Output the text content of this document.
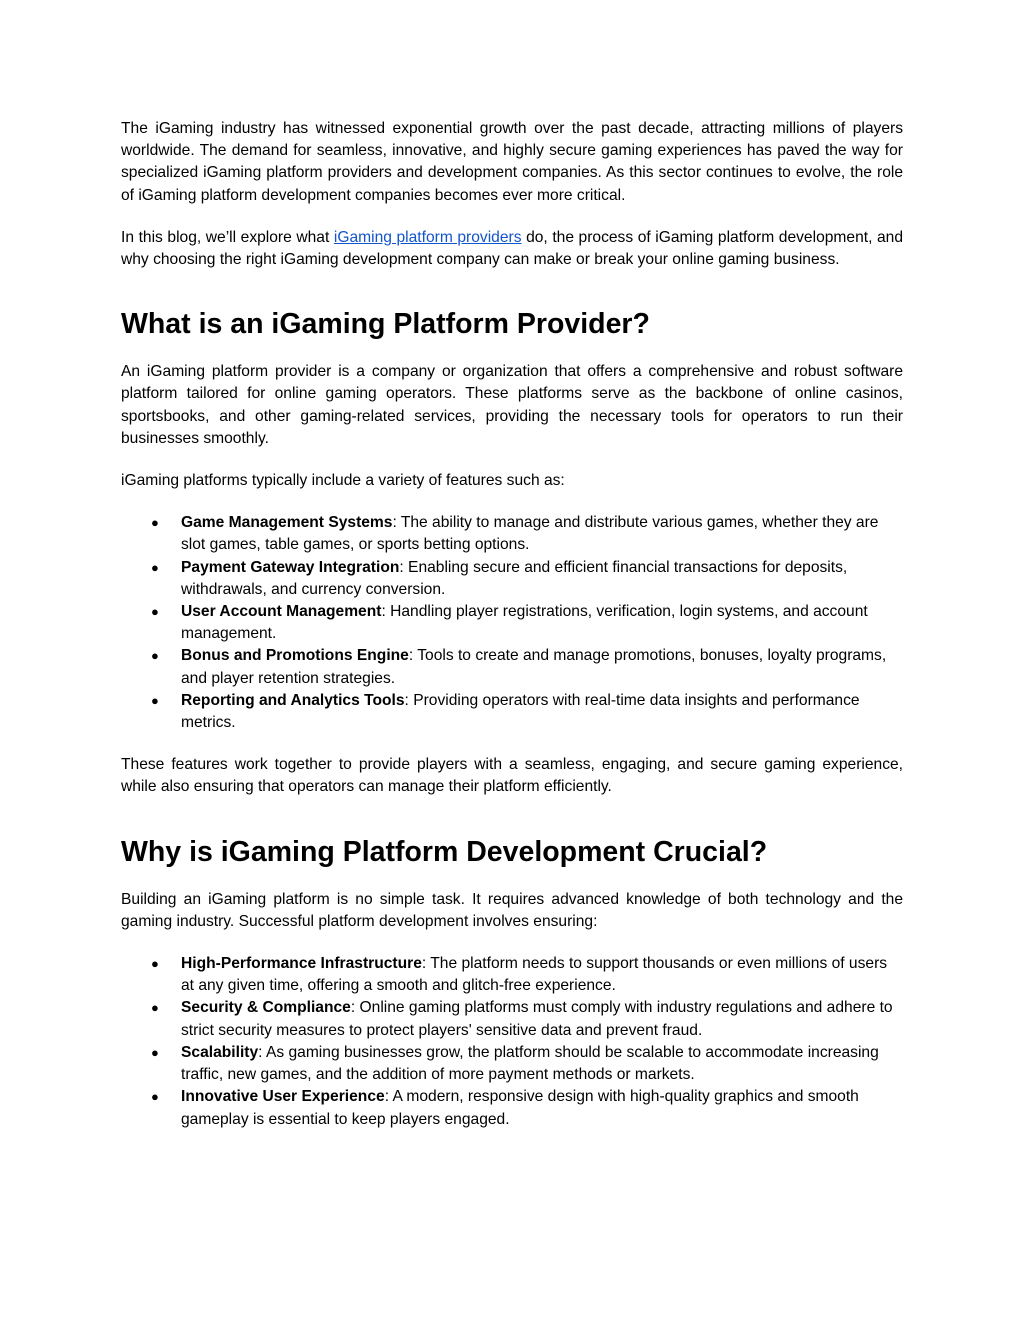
The iGaming industry has witnessed exponential growth over the past decade, attracting millions of players worldwide. The demand for seamless, innovative, and highly secure gaming experiences has paved the way for specialized iGaming platform providers and development companies. As this sector continues to evolve, the role of iGaming platform development companies becomes ever more critical.

In this blog, we’ll explore what iGaming platform providers do, the process of iGaming platform development, and why choosing the right iGaming development company can make or break your online gaming business.

What is an iGaming Platform Provider?

An iGaming platform provider is a company or organization that offers a comprehensive and robust software platform tailored for online gaming operators. These platforms serve as the backbone of online casinos, sportsbooks, and other gaming-related services, providing the necessary tools for operators to run their businesses smoothly.

iGaming platforms typically include a variety of features such as:

● Game Management Systems: The ability to manage and distribute various games, whether they are slot games, table games, or sports betting options.
● Payment Gateway Integration: Enabling secure and efficient financial transactions for deposits, withdrawals, and currency conversion.
● User Account Management: Handling player registrations, verification, login systems, and account management.
● Bonus and Promotions Engine: Tools to create and manage promotions, bonuses, loyalty programs, and player retention strategies.
● Reporting and Analytics Tools: Providing operators with real-time data insights and performance metrics.

These features work together to provide players with a seamless, engaging, and secure gaming experience, while also ensuring that operators can manage their platform efficiently.

Why is iGaming Platform Development Crucial?

Building an iGaming platform is no simple task. It requires advanced knowledge of both technology and the gaming industry. Successful platform development involves ensuring:

● High-Performance Infrastructure: The platform needs to support thousands or even millions of users at any given time, offering a smooth and glitch-free experience.
● Security & Compliance: Online gaming platforms must comply with industry regulations and adhere to strict security measures to protect players' sensitive data and prevent fraud.
● Scalability: As gaming businesses grow, the platform should be scalable to accommodate increasing traffic, new games, and the addition of more payment methods or markets.
● Innovative User Experience: A modern, responsive design with high-quality graphics and smooth gameplay is essential to keep players engaged.
